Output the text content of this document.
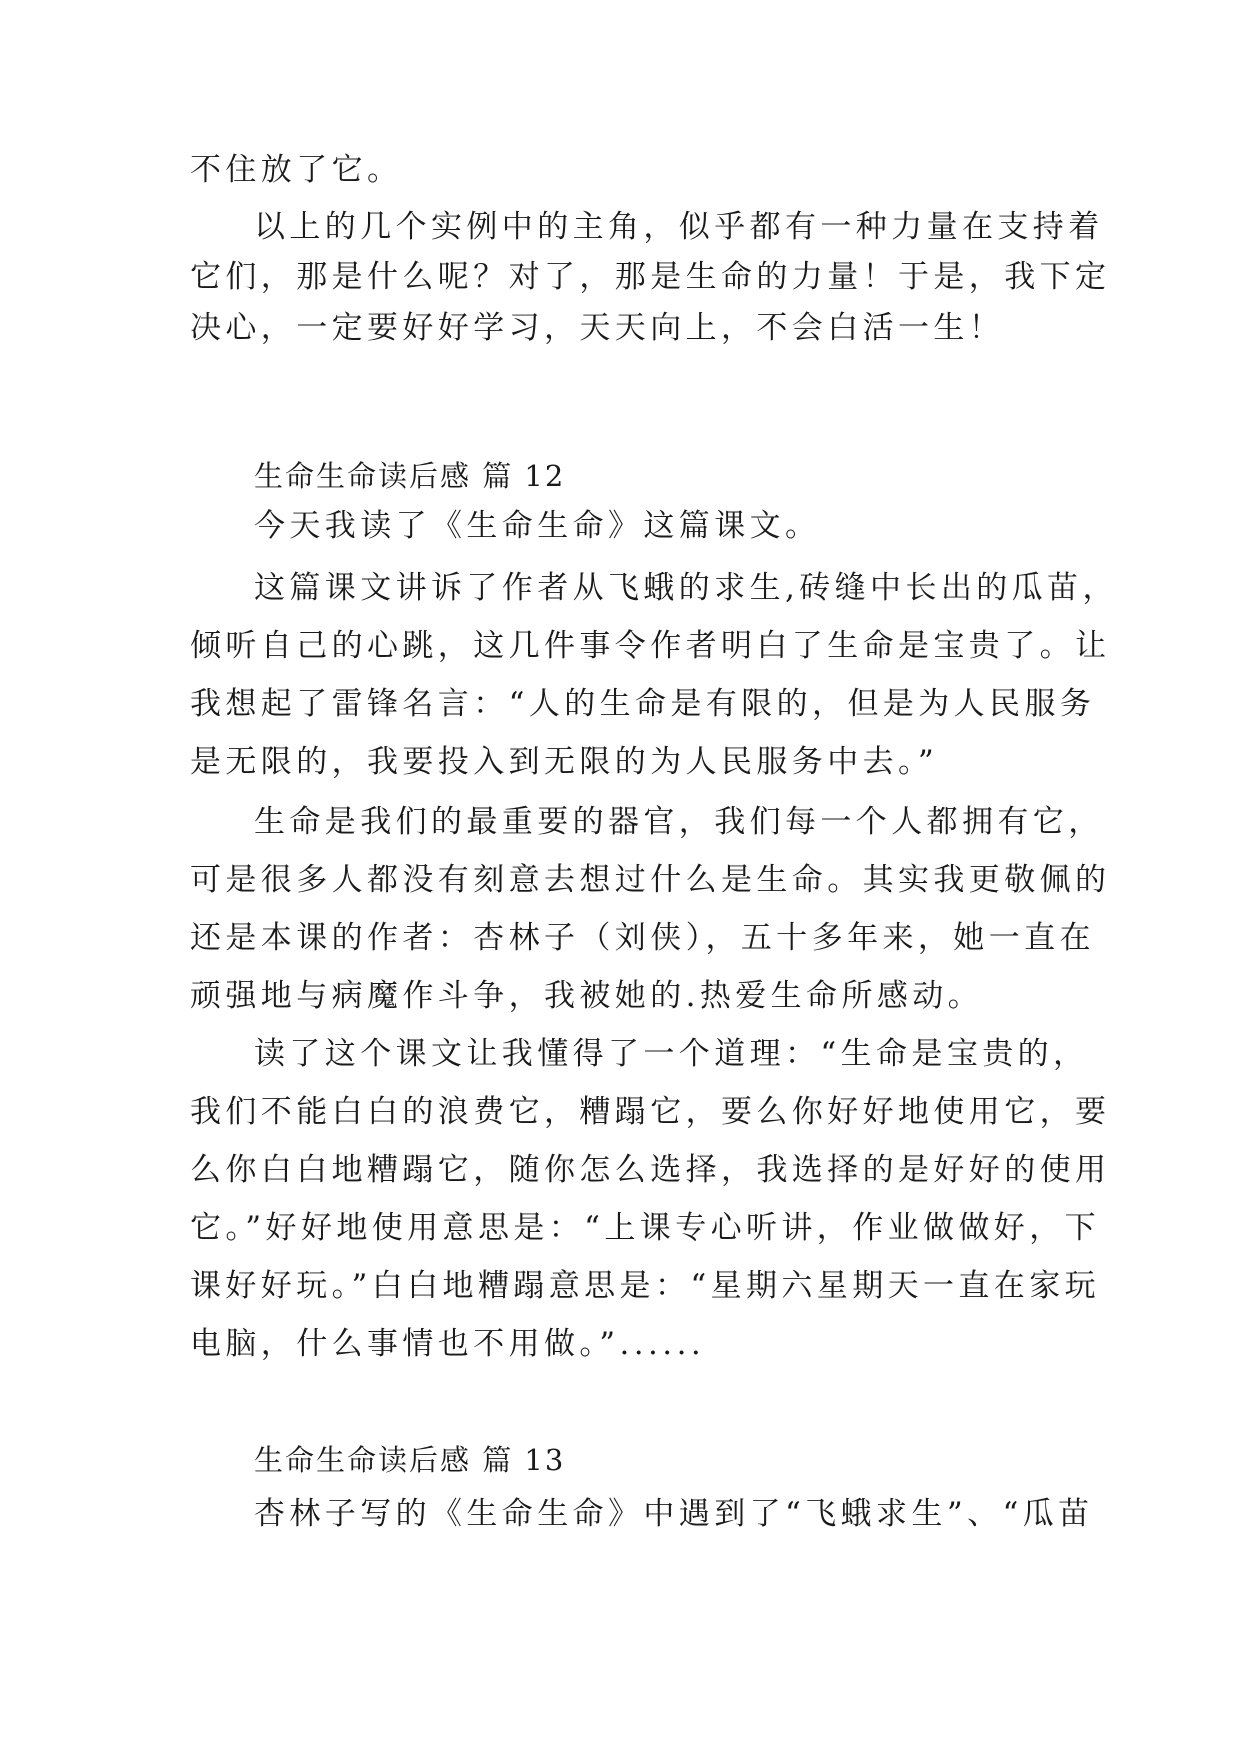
不住放了它。

以上的几个实例中的主角，似乎都有一种力量在支持着

它们，那是什么呢？对了，那是生命的力量！于是，我下定

决心，一定要好好学习，天天向上，不会白活一生！

生命生命读后感 篇 12

今天我读了《生命生命》这篇课文。

这篇课文讲诉了作者从飞蛾的求生,砖缝中长出的瓜苗，

倾听自己的心跳，这几件事令作者明白了生命是宝贵了。让

我想起了雷锋名言：“人的生命是有限的，但是为人民服务

是无限的，我要投入到无限的为人民服务中去。”

生命是我们的最重要的器官，我们每一个人都拥有它，

可是很多人都没有刻意去想过什么是生命。其实我更敬佩的

还是本课的作者：杏林子（刘侠），五十多年来，她一直在

顽强地与病魔作斗争，我被她的.热爱生命所感动。

读了这个课文让我懂得了一个道理：“生命是宝贵的，

我们不能白白的浪费它，糟蹋它，要么你好好地使用它，要

么你白白地糟蹋它，随你怎么选择，我选择的是好好的使用

它。”好好地使用意思是：“上课专心听讲，作业做做好，下

课好好玩。”白白地糟蹋意思是：“星期六星期天一直在家玩

电脑，什么事情也不用做。”......

生命生命读后感 篇 13

杏林子写的《生命生命》中遇到了“飞蛾求生”、“瓜苗
